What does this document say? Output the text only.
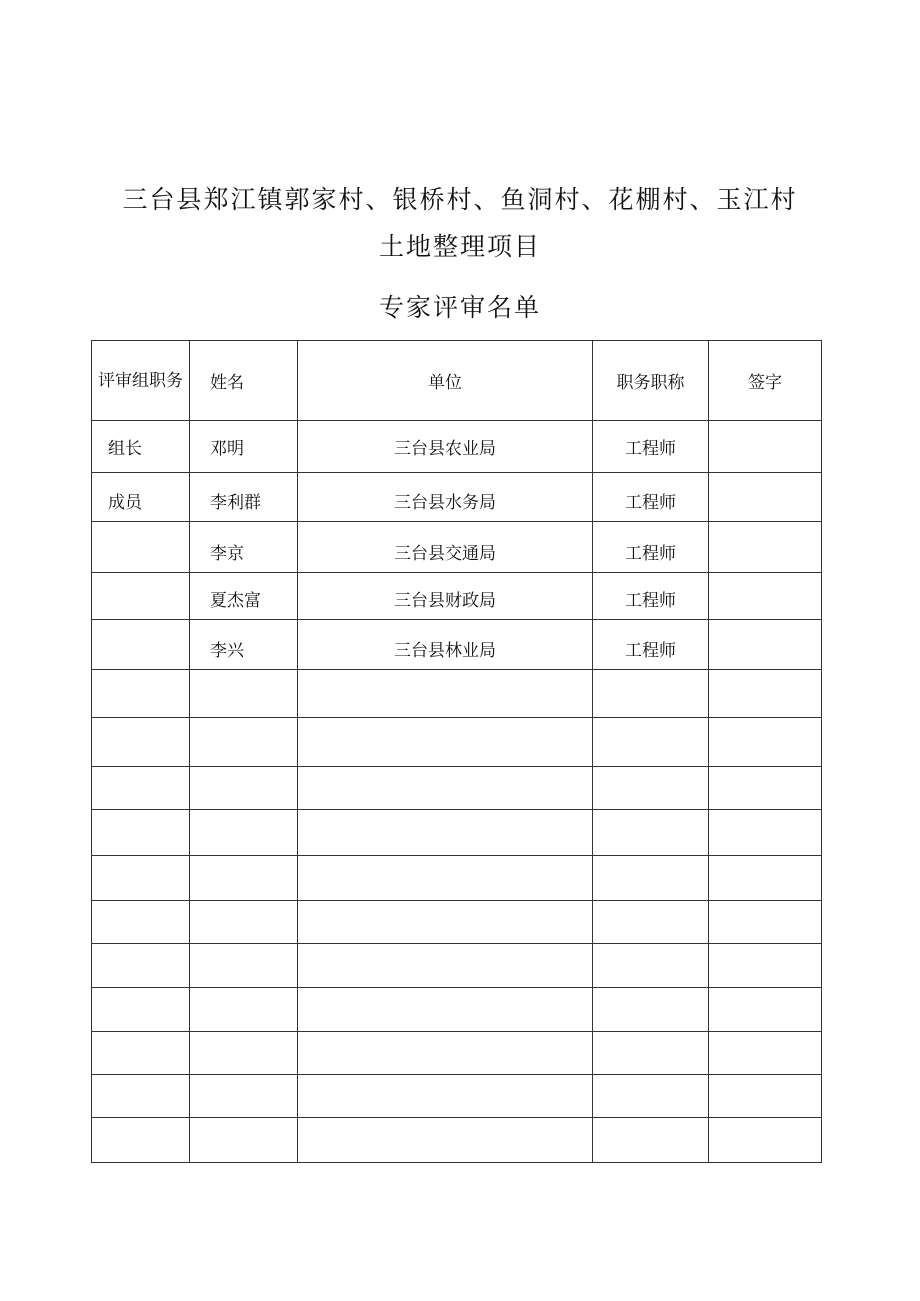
三台县郑江镇郭家村、银桥村、鱼洞村、花棚村、玉江村
土地整理项目
专家评审名单
评审组职务	姓名	单位	职务职称	签字
组长	邓明	三台县农业局	工程师	
成员	李利群	三台县水务局	工程师	
	李京	三台县交通局	工程师	
	夏杰富	三台县财政局	工程师	
	李兴	三台县林业局	工程师	
